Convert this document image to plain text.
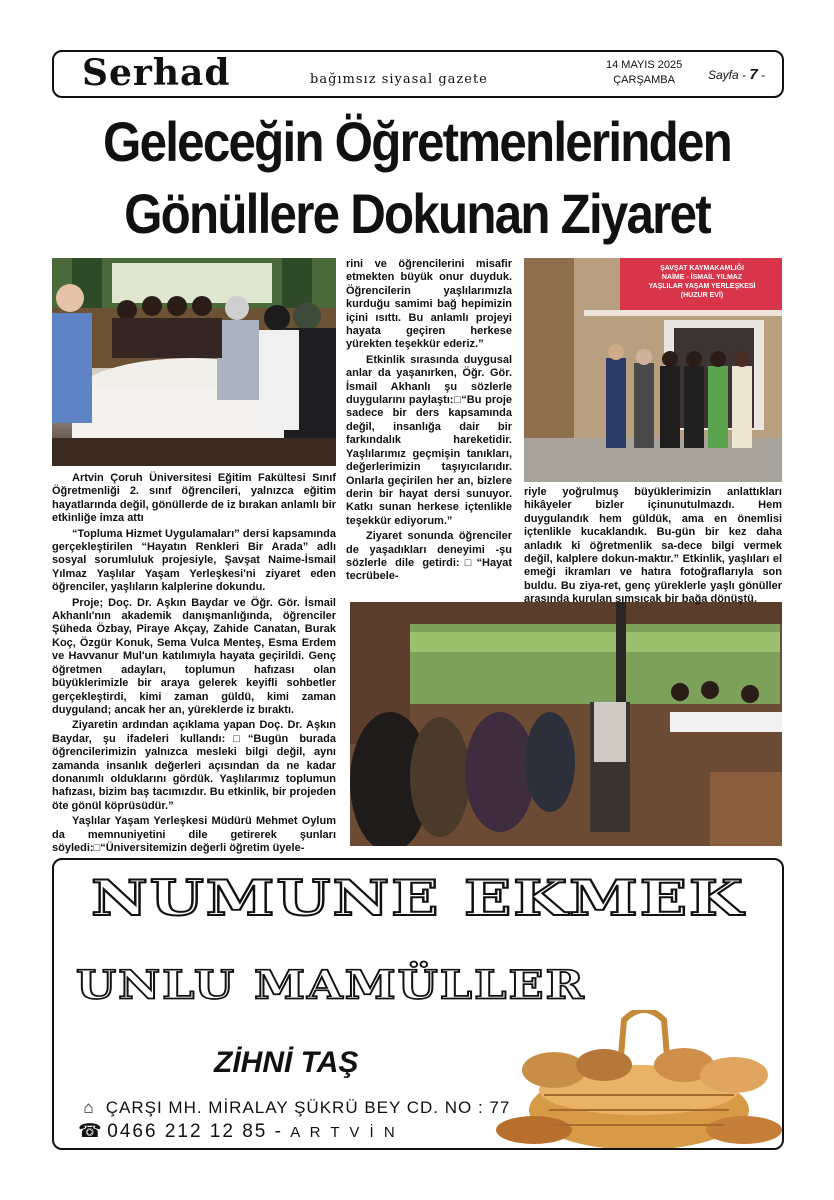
Serhad	bağımsız siyasal gazete
14 MAYIS 2025
ÇARŞAMBA	Sayfa - 7 -
Geleceğin Öğretmenlerinden
Gönüllere Dokunan Ziyaret
ŞAVŞAT KAYMAKAMLIĞI
NAİME - İSMAİL YILMAZ
YAŞLILAR YAŞAM YERLEŞKESİ
(HUZUR EVİ)

Artvin Çoruh Üniversitesi Eğitim Fakültesi Sınıf Öğretmenliği 2. sınıf öğrencileri, yalnızca eğitim hayatlarında değil, gönüllerde de iz bırakan anlamlı bir etkinliğe imza attı

“Topluma Hizmet Uygulamaları” dersi kapsamında gerçekleştirilen “Hayatın Renkleri Bir Arada” adlı sosyal sorumluluk projesiyle, Şavşat Naime-İsmail Yılmaz Yaşlılar Yaşam Yerleşkesi'ni ziyaret eden öğrenciler, yaşlıların kalplerine dokundu.

Proje; Doç. Dr. Aşkın Baydar ve Öğr. Gör. İsmail Akhanlı'nın akademik danışmanlığında, öğrenciler Şüheda Özbay, Piraye Akçay, Zahide Canatan, Burak Koç, Özgür Konuk, Sema Vulca Menteş, Esma Erdem ve Havvanur Mul'un katılımıyla hayata geçirildi. Genç öğretmen adayları, toplumun hafızası olan büyüklerimizle bir araya gelerek keyifli sohbetler gerçekleştirdi, kimi zaman güldü, kimi zaman duyguland; ancak her an, yüreklerde iz bıraktı.

Ziyaretin ardından açıklama yapan Doç. Dr. Aşkın Baydar, şu ifadeleri kullandı:□“Bugün burada öğrencilerimizin yalnızca mesleki bilgi değil, aynı zamanda insanlık değerleri açısından da ne kadar donanımlı olduklarını gördük. Yaşlılarımız toplumun hafızası, bizim baş tacımızdır. Bu etkinlik, bir projeden öte gönül köprüsüdür.”

Yaşlılar Yaşam Yerleşkesi Müdürü Mehmet Oylum da memnuniyetini dile getirerek şunları söyledi:□“Üniversitemizin değerli öğretim üyele-

rini ve öğrencilerini misafir etmekten büyük onur duyduk. Öğrencilerin yaşlılarımızla kurduğu samimi bağ hepimizin içini ısıttı. Bu anlamlı projeyi hayata geçiren herkese yürekten teşekkür ederiz.”

Etkinlik sırasında duygusal anlar da yaşanırken, Öğr. Gör. İsmail Akhanlı şu sözlerle duygularını paylaştı:□“Bu proje sadece bir ders kapsamında değil, insanlığa dair bir farkındalık hareketidir. Yaşlılarımız geçmişin tanıkları, değerlerimizin taşıyıcılarıdır. Onlarla geçirilen her an, bizlere derin bir hayat dersi sunuyor. Katkı sunan herkese içtenlikle teşekkür ediyorum.”

Ziyaret sonunda öğrenciler de yaşadıkları deneyimi -şu sözlerle dile getirdi:□“Hayat tecrübele-

riyle yoğrulmuş büyüklerimizin anlattıkları hikâyeler bizler içinunutulmazdı. Hem duygulandık hem güldük, ama en önemlisi içtenlikle kucaklandık. Bu-gün bir kez daha anladık ki öğretmenlik sa-dece bilgi vermek değil, kalplere dokun-maktır.” Etkinlik, yaşlıları el emeği ikramları ve hatıra fotoğraflarıyla son buldu. Bu ziya-ret, genç yüreklerle yaşlı gönüller arasında kurulan sımsıcak bir bağa dönüştü.

NUMUNE EKMEK
UNLU MAMÜLLER
ZİHNİ TAŞ
⌂ ÇARŞI MH. MİRALAY ŞÜKRÜ BEY CD. NO : 77
☎ 0466 212 12 85 - A R T V İ N
